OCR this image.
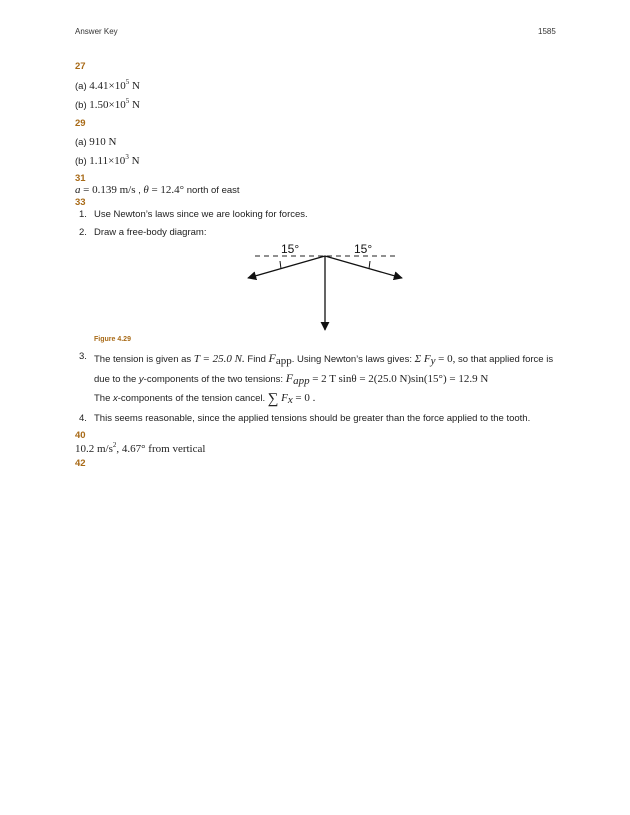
Answer Key	1585
27
(a) $4.41\times 10^5$ N
(b) $1.50\times 10^5$ N
29
(a) 910 N
(b) $1.11\times 10^3$ N
31
a = 0.139 m/s , θ = 12.4° north of east
33
1. Use Newton’s laws since we are looking for forces.
2. Draw a free-body diagram:
15°	15°
Figure 4.29
3. The tension is given as T = 25.0 N. Find $F_{app}$. Using Newton’s laws gives: Σ $F_y = 0$, so that applied force is
due to the y-components of the two tensions: $F_{app} = 2$ T sinθ = 2(25.0 N)sin(15°) = 12.9 N
The x-components of the tension cancel. ∑ $F_x = 0$ .
4. This seems reasonable, since the applied tensions should be greater than the force applied to the tooth.
40
10.2 $m/s^2$, 4.67° from vertical
42
